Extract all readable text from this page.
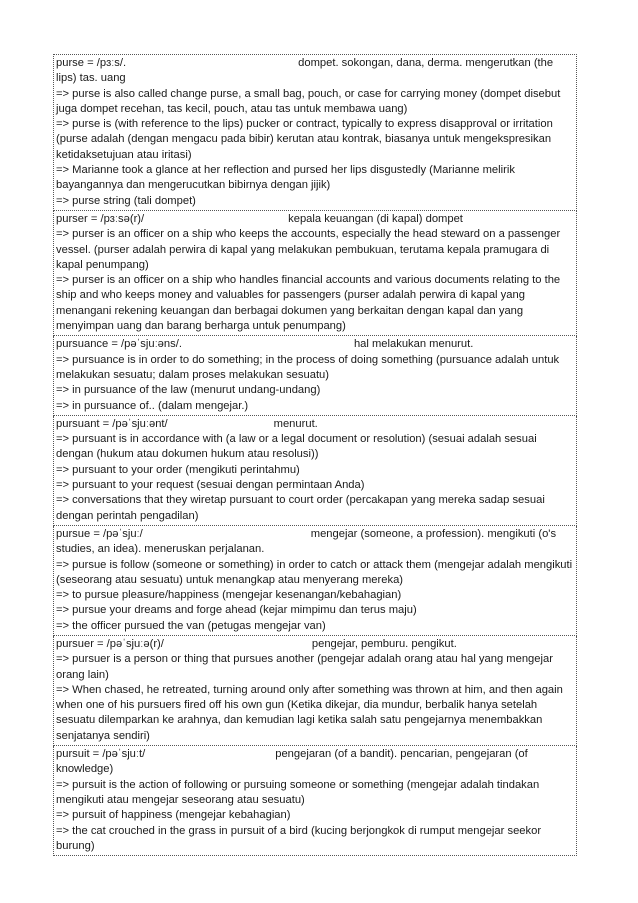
purse = /pɜːs/.	dompet. sokongan, dana, derma. mengerutkan (the lips) tas. uang
=> purse is also called change purse, a small bag, pouch, or case for carrying money (dompet disebut juga dompet recehan, tas kecil, pouch, atau tas untuk membawa uang)
=> purse is (with reference to the lips) pucker or contract, typically to express disapproval or irritation (purse adalah (dengan mengacu pada bibir) kerutan atau kontrak, biasanya untuk mengekspresikan ketidaksetujuan atau iritasi)
=> Marianne took a glance at her reflection and pursed her lips disgustedly (Marianne melirik bayangannya dan mengerucutkan bibirnya dengan jijik)
=> purse string (tali dompet)
purser = /pɜːsə(r)/	kepala keuangan (di kapal) dompet
=> purser is an officer on a ship who keeps the accounts, especially the head steward on a passenger vessel. (purser adalah perwira di kapal yang melakukan pembukuan, terutama kepala pramugara di kapal penumpang)
=> purser is an officer on a ship who handles financial accounts and various documents relating to the ship and who keeps money and valuables for passengers (purser adalah perwira di kapal yang menangani rekening keuangan dan berbagai dokumen yang berkaitan dengan kapal dan yang menyimpan uang dan barang berharga untuk penumpang)
pursuance = /pəˈsjuːəns/.	hal melakukan menurut.
=> pursuance is in order to do something; in the process of doing something (pursuance adalah untuk melakukan sesuatu; dalam proses melakukan sesuatu)
=> in pursuance of the law (menurut undang-undang)
=> in pursuance of.. (dalam mengejar.)
pursuant = /pəˈsjuːənt/	menurut.
=> pursuant is in accordance with (a law or a legal document or resolution) (sesuai adalah sesuai dengan (hukum atau dokumen hukum atau resolusi))
=> pursuant to your order (mengikuti perintahmu)
=> pursuant to your request (sesuai dengan permintaan Anda)
=> conversations that they wiretap pursuant to court order (percakapan yang mereka sadap sesuai dengan perintah pengadilan)
pursue = /pəˈsjuː/	mengejar (someone, a profession). mengikuti (o's studies, an idea). meneruskan perjalanan.
=> pursue is follow (someone or something) in order to catch or attack them (mengejar adalah mengikuti (seseorang atau sesuatu) untuk menangkap atau menyerang mereka)
=> to pursue pleasure/happiness (mengejar kesenangan/kebahagian)
=> pursue your dreams and forge ahead (kejar mimpimu dan terus maju)
=> the officer pursued the van (petugas mengejar van)
pursuer = /pəˈsjuːə(r)/	pengejar, pemburu. pengikut.
=> pursuer is a person or thing that pursues another (pengejar adalah orang atau hal yang mengejar orang lain)
=> When chased, he retreated, turning around only after something was thrown at him, and then again when one of his pursuers fired off his own gun (Ketika dikejar, dia mundur, berbalik hanya setelah sesuatu dilemparkan ke arahnya, dan kemudian lagi ketika salah satu pengejarnya menembakkan senjatanya sendiri)
pursuit = /pəˈsjuːt/	pengejaran (of a bandit). pencarian, pengejaran (of knowledge)
=> pursuit is the action of following or pursuing someone or something (mengejar adalah tindakan mengikuti atau mengejar seseorang atau sesuatu)
=> pursuit of happiness (mengejar kebahagian)
=> the cat crouched in the grass in pursuit of a bird (kucing berjongkok di rumput mengejar seekor burung)
